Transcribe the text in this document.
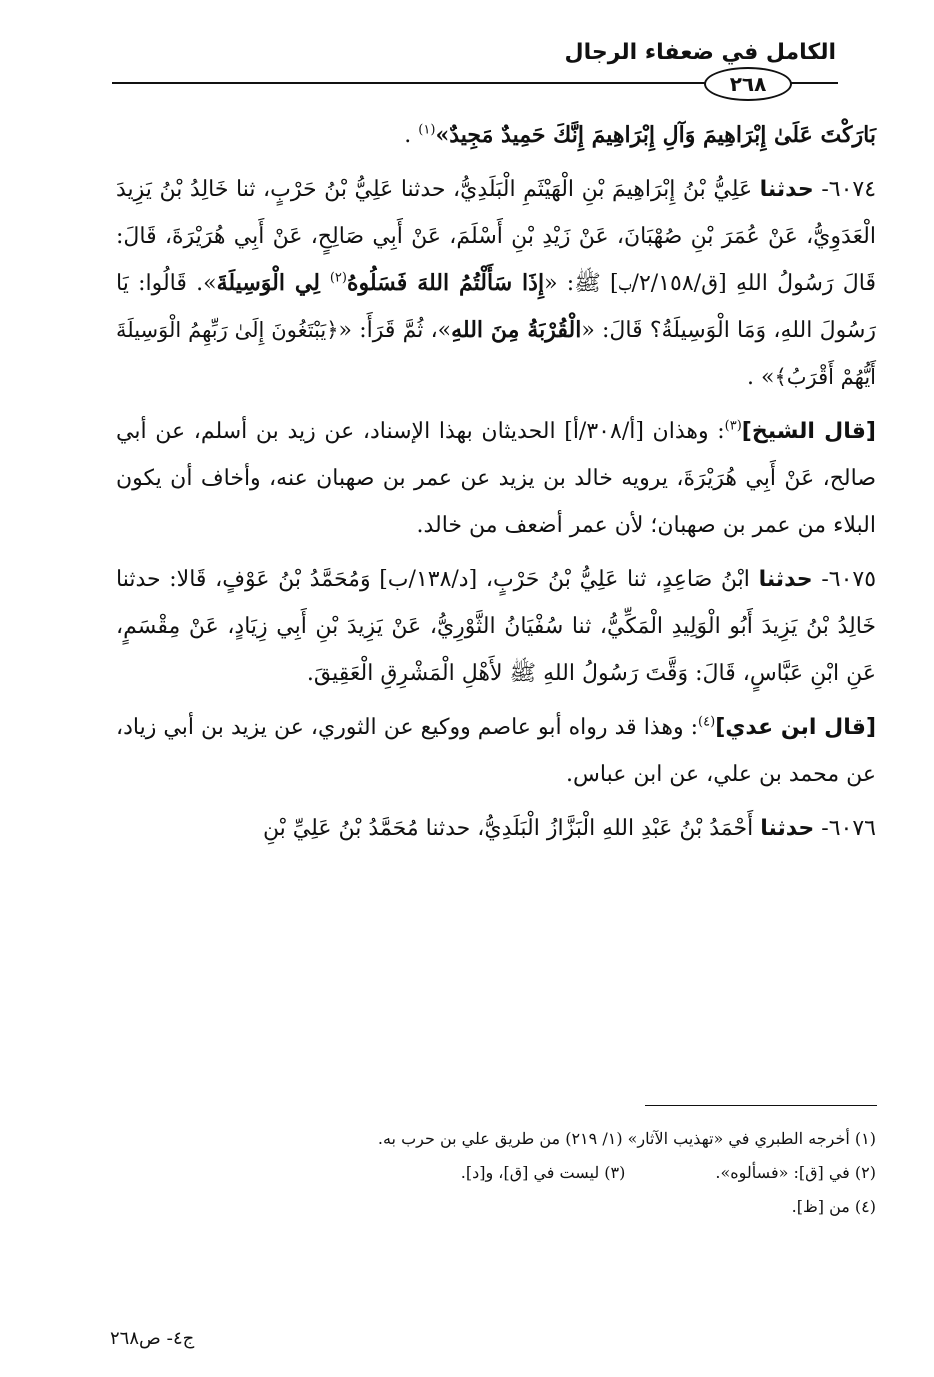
الكامل في ضعفاء الرجال
٢٦٨

بَارَكْتَ عَلَىٰ إِبْرَاهِيمَ وَآلِ إِبْرَاهِيمَ إِنَّكَ حَمِيدٌ مَجِيدٌ»$^{(١)}$ .

٦٠٧٤- حدثنا عَلِيُّ بْنُ إِبْرَاهِيمَ بْنِ الْهَيْثَمِ الْبَلَدِيُّ، حدثنا عَلِيُّ بْنُ حَرْبٍ، ثنا خَالِدُ بْنُ يَزِيدَ الْعَدَوِيُّ، عَنْ عُمَرَ بْنِ صُهْبَانَ، عَنْ زَيْدِ بْنِ أَسْلَمَ، عَنْ أَبِي صَالِحٍ، عَنْ أَبِي هُرَيْرَةَ، قَالَ: قَالَ رَسُولُ اللهِ [ق/٢/١٥٨/ب] ﷺ: «إِذَا سَأَلْتُمُ اللهَ فَسَلُوهُ$^{(٢)}$ لِي الْوَسِيلَةَ». قَالُوا: يَا رَسُولَ اللهِ، وَمَا الْوَسِيلَةُ؟ قَالَ: «الْقُرْبَةُ مِنَ اللهِ»، ثُمَّ قَرَأَ: «﴿يَبْتَغُونَ إِلَىٰ رَبِّهِمُ الْوَسِيلَةَ أَيُّهُمْ أَقْرَبُ﴾» .

[قال الشيخ]$^{(٣)}$: وهذان [أ/٣٠٨/أ] الحديثان بهذا الإسناد، عن زيد بن أسلم، عن أبي صالح، عَنْ أَبِي هُرَيْرَةَ، يرويه خالد بن يزيد عن عمر بن صهبان عنه، وأخاف أن يكون البلاء من عمر بن صهبان؛ لأن عمر أضعف من خالد.

٦٠٧٥- حدثنا ابْنُ صَاعِدٍ، ثنا عَلِيُّ بْنُ حَرْبٍ، [د/١٣٨/ب] وَمُحَمَّدُ بْنُ عَوْفٍ، قَالا: حدثنا خَالِدُ بْنُ يَزِيدَ أَبُو الْوَلِيدِ الْمَكِّيُّ، ثنا سُفْيَانُ الثَّوْرِيُّ، عَنْ يَزِيدَ بْنِ أَبِي زِيَادٍ، عَنْ مِقْسَمٍ، عَنِ ابْنِ عَبَّاسٍ، قَالَ: وَقَّتَ رَسُولُ اللهِ ﷺ لأَهْلِ الْمَشْرِقِ الْعَقِيقَ.

[قال ابن عدي]$^{(٤)}$: وهذا قد رواه أبو عاصم ووكيع عن الثوري، عن يزيد بن أبي زياد، عن محمد بن علي، عن ابن عباس.

٦٠٧٦- حدثنا أَحْمَدُ بْنُ عَبْدِ اللهِ الْبَزَّازُ الْبَلَدِيُّ، حدثنا مُحَمَّدُ بْنُ عَلِيِّ بْنِ

(١) أخرجه الطبري في «تهذيب الآثار» (١/ ٢١٩) من طريق علي بن حرب به.
(٢) في [ق]: «فسألوه».
(٣) ليست في [ق]، و[د].
(٤) من [ظ].
ج٤- ص٢٦٨
